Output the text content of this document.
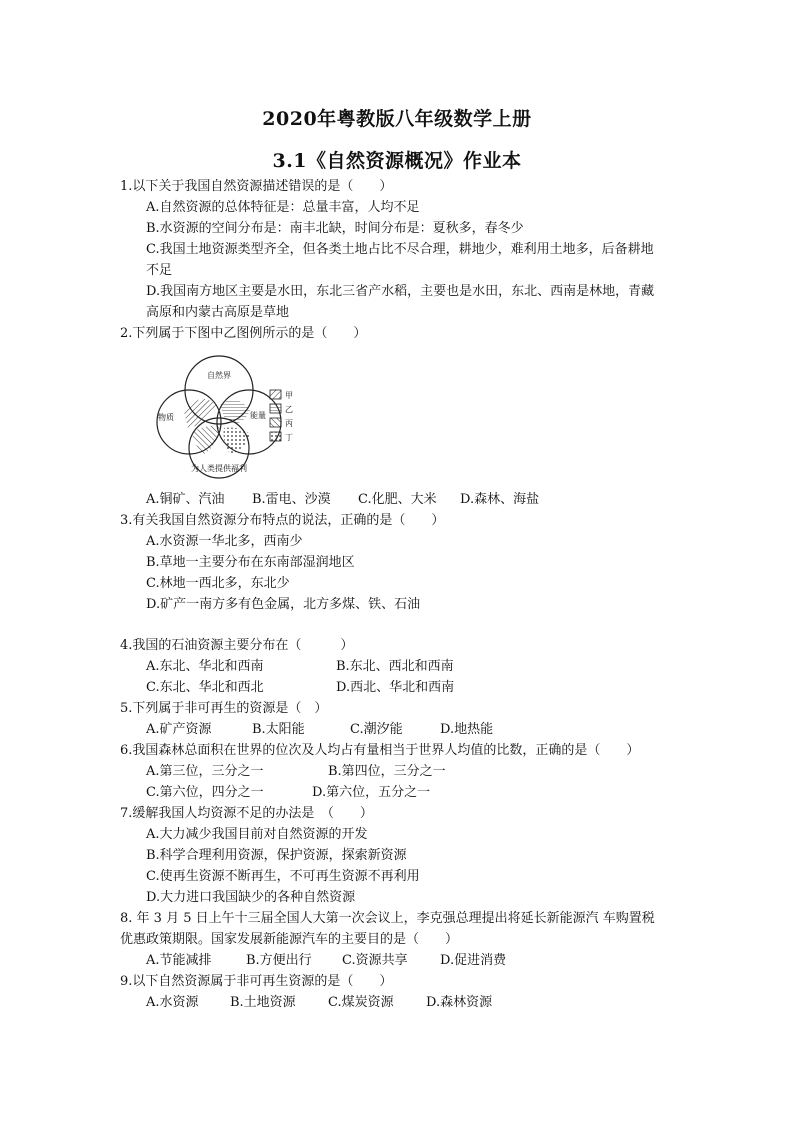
2020年粤教版八年级数学上册
3.1《自然资源概况》作业本
1.以下关于我国自然资源描述错误的是（　　）
A.自然资源的总体特征是：总量丰富，人均不足
B.水资源的空间分布是：南丰北缺，时间分布是：夏秋多，春冬少
C.我国土地资源类型齐全，但各类土地占比不尽合理，耕地少，难利用土地多，后备耕地
不足
D.我国南方地区主要是水田，东北三省产水稻，主要也是水田，东北、西南是林地，青藏
高原和内蒙古高原是草地
2.下列属于下图中乙图例所示的是（　　）
自然界
物质	能量
为人类提供福利
甲
乙
丙
丁
A.铜矿、汽油 B.雷电、沙漠 C.化肥、大米 D.森林、海盐
3.有关我国自然资源分布特点的说法，正确的是（　　）
A.水资源一华北多，西南少
B.草地一主要分布在东南部湿润地区
C.林地一西北多，东北少
D.矿产一南方多有色金属，北方多煤、铁、石油
4.我国的石油资源主要分布在（　　　）
A.东北、华北和西南	B.东北、西北和西南
C.东北、华北和西北	D.西北、华北和西南
5.下列属于非可再生的资源是（　）
A.矿产资源	B.太阳能	C.潮汐能	D.地热能
6.我国森林总面积在世界的位次及人均占有量相当于世界人均值的比数，正确的是（　　）
A.第三位，三分之一	B.第四位，三分之一
C.第六位，四分之一	D.第六位，五分之一
7.缓解我国人均资源不足的办法是　（　　）
A.大力减少我国目前对自然资源的开发
B.科学合理利用资源，保护资源，探索新资源
C.使再生资源不断再生，不可再生资源不再利用
D.大力进口我国缺少的各种自然资源
8. 年 3 月 5 日上午十三届全国人大第一次会议上，李克强总理提出将延长新能源汽 车购置税
优惠政策期限。国家发展新能源汽车的主要目的是（　　）
A.节能减排	B.方便出行 C.资源共享 D.促进消费
9.以下自然资源属于非可再生资源的是（　　）
A.水资源 B.土地资源 C.煤炭资源 D.森林资源
